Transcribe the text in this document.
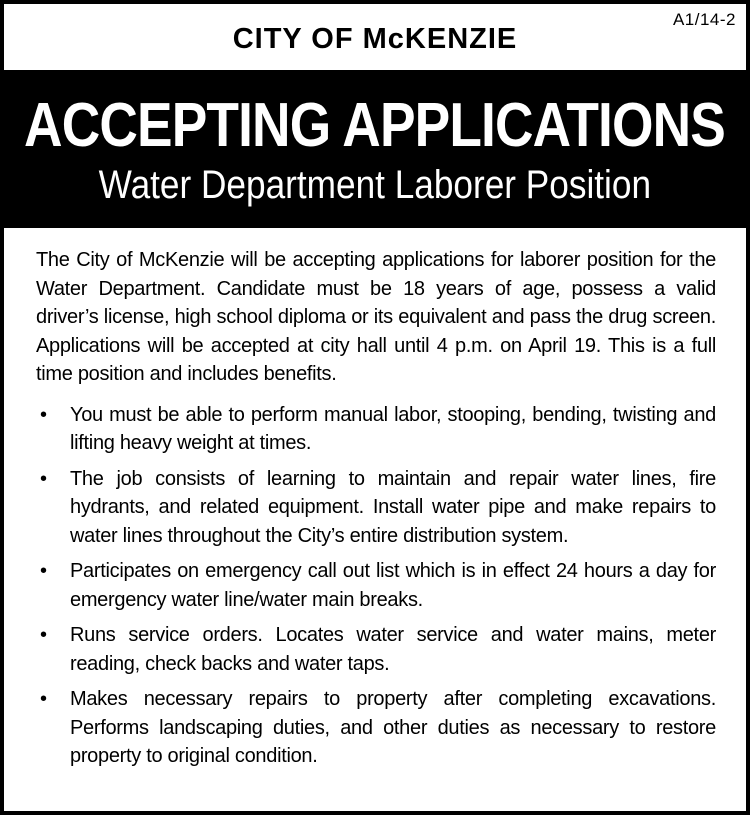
A1/14-2
CITY OF McKENZIE
ACCEPTING APPLICATIONS
Water Department Laborer Position

The City of McKenzie will be accepting applications for laborer position for the Water Department. Candidate must be 18 years of age, possess a valid driver’s license, high school diploma or its equivalent and pass the drug screen. Applications will be accepted at city hall until 4 p.m. on April 19. This is a full time position and includes benefits.

• You must be able to perform manual labor, stooping, bending, twisting and lifting heavy weight at times.
• The job consists of learning to maintain and repair water lines, fire hydrants, and related equipment. Install water pipe and make repairs to water lines throughout the City’s entire distribution system.
• Participates on emergency call out list which is in effect 24 hours a day for emergency water line/water main breaks.
• Runs service orders. Locates water service and water mains, meter reading, check backs and water taps.
• Makes necessary repairs to property after completing excavations. Performs landscaping duties, and other duties as necessary to restore property to original condition.
